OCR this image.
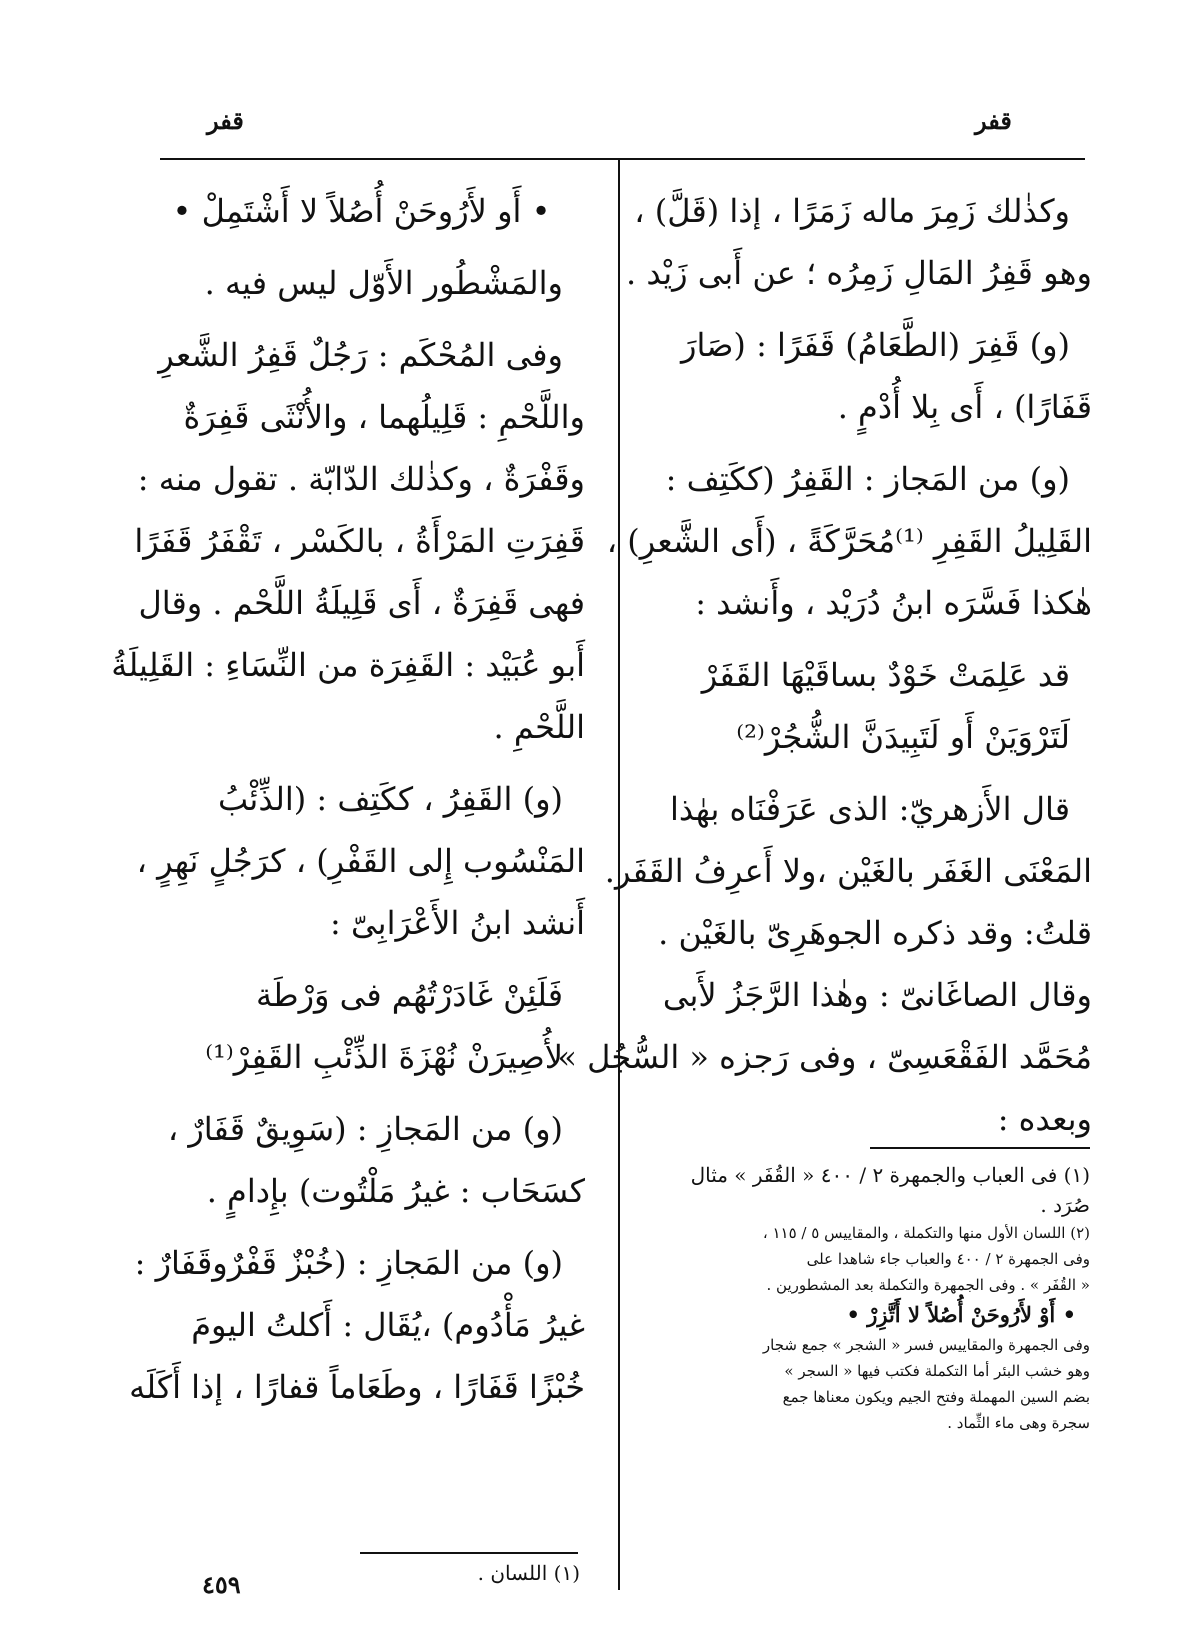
قفر
قفر
وكذٰلك زَمِرَ ماله زَمَرًا ، إذا (قَلَّ) ،
وهو قَفِرُ المَالِ زَمِرُه ؛ عن أَبى زَيْد .
(و) قَفِرَ (الطَّعَامُ) قَفَرًا : (صَارَ
قَفَارًا) ، أَى بِلا أُدْمٍ .
(و) من المَجاز : القَفِرُ (ككَتِف :
القَلِيلُ القَفِرِ ⁽¹⁾مُحَرَّكَةً ، (أَى الشَّعرِ) ،
هٰكذا فَسَّرَه ابنُ دُرَيْد ، وأَنشد :
قد عَلِمَتْ خَوْدٌ بساقَيْهَا القَفَرْ
لَتَرْوَيَنْ أَو لَتَبِيدَنَّ الشُّجُرْ⁽²⁾
قال الأَزهريّ: الذى عَرَفْنَاه بهٰذا
المَعْنَى الغَفَر بالغَيْن ،ولا أَعرِفُ القَفَر.
قلتُ: وقد ذكره الجوهَرِىّ بالغَيْن .
وقال الصاغَانىّ : وهٰذا الرَّجَزُ لأَبى
مُحَمَّد الفَقْعَسِىّ ، وفى رَجزه « السُّجُل »
وبعده :
• أَو لأَرُوحَنْ أُصُلاً لا أَشْتَمِلْ •
والمَشْطُور الأَوّل ليس فيه .
وفى المُحْكَم : رَجُلٌ قَفِرُ الشَّعرِ
واللَّحْمِ : قَلِيلُهما ، والأُنْثَى قَفِرَةٌ
وقَفْرَةٌ ، وكذٰلك الدّابّة . تقول منه :
قَفِرَتِ المَرْأَةُ ، بالكَسْر ، تَقْفَرُ قَفَرًا
فهى قَفِرَةٌ ، أَى قَلِيلَةُ اللَّحْم . وقال
أَبو عُبَيْد : القَفِرَة من النِّسَاءِ : القَلِيلَةُ
اللَّحْمِ .
(و) القَفِرُ ، ككَتِف : (الذِّئْبُ
المَنْسُوب إِلى القَفْرِ) ، كرَجُلٍ نَهِرٍ ،
أَنشد ابنُ الأَعْرَابِىّ :
فَلَئِنْ غَادَرْتُهُم فى وَرْطَة
لأُصِيرَنْ نُهْزَةَ الذِّئْبِ القَفِرْ⁽¹⁾
(و) من المَجازِ : (سَوِيقٌ قَفَارٌ ،
كسَحَاب : غيرُ مَلْتُوت) بإِدامٍ .
(و) من المَجازِ : (خُبْزٌ قَفْرٌوقَفَارٌ :
غيرُ مَأْدُوم) ،يُقَال : أَكلتُ اليومَ
خُبْزًا قَفَارًا ، وطَعَاماً قفارًا ، إذا أَكَلَه
(١) فى العباب والجمهرة ٢ / ٤٠٠ « القُفَر » مثال
صُرَد .
(٢) اللسان الأول منها والتكملة ، والمقاييس ٥ / ١١٥ ،
وفى الجمهرة ٢ / ٤٠٠ والعباب جاء شاهدا على
« القُفَر » . وفى الجمهرة والتكملة بعد المشطورين .
• أَوْ لأَرُوحَنْ أُصُلاً لا أَتَّزِرْ •
وفى الجمهرة والمقاييس فسر « الشجر » جمع شجار
وهو خشب البئر أما التكملة فكتب فيها « السجر »
بضم السين المهملة وفتح الجيم ويكون معناها جمع
سجرة وهى ماء الثِّماد .
(١) اللسان .
٤٥٩
